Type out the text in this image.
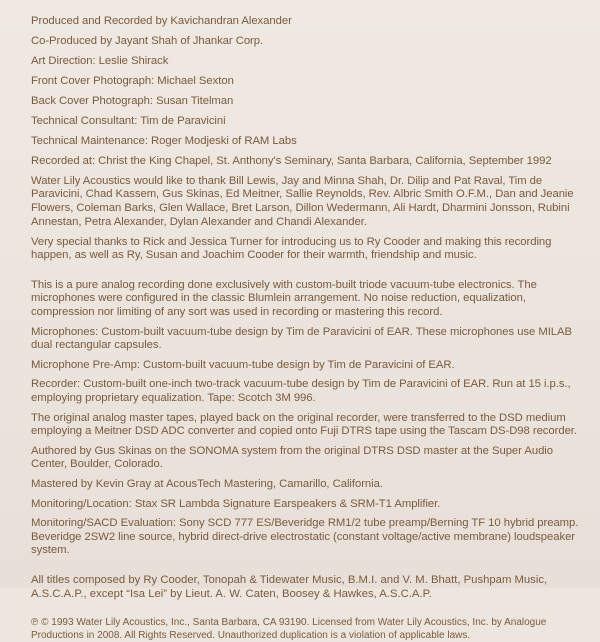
Produced and Recorded by Kavichandran Alexander

Co-Produced by Jayant Shah of Jhankar Corp.

Art Direction: Leslie Shirack

Front Cover Photograph: Michael Sexton

Back Cover Photograph: Susan Titelman

Technical Consultant: Tim de Paravicini

Technical Maintenance: Roger Modjeski of RAM Labs

Recorded at: Christ the King Chapel, St. Anthony's Seminary, Santa Barbara, California, September 1992

Water Lily Acoustics would like to thank Bill Lewis, Jay and Minna Shah, Dr. Dilip and Pat Raval, Tim de Paravicini, Chad Kassem, Gus Skinas, Ed Meitner, Sallie Reynolds, Rev. Albric Smith O.F.M., Dan and Jeanie Flowers, Coleman Barks, Glen Wallace, Bret Larson, Dillon Wedermann, Ali Hardt, Dharmini Jonsson, Rubini Annestan, Petra Alexander, Dylan Alexander and Chandi Alexander.

Very special thanks to Rick and Jessica Turner for introducing us to Ry Cooder and making this recording happen, as well as Ry, Susan and Joachim Cooder for their warmth, friendship and music.

This is a pure analog recording done exclusively with custom-built triode vacuum-tube electronics. The microphones were configured in the classic Blumlein arrangement. No noise reduction, equalization, compression nor limiting of any sort was used in recording or mastering this record.

Microphones: Custom-built vacuum-tube design by Tim de Paravicini of EAR. These microphones use MILAB dual rectangular capsules.

Microphone Pre-Amp: Custom-built vacuum-tube design by Tim de Paravicini of EAR.

Recorder: Custom-built one-inch two-track vacuum-tube design by Tim de Paravicini of EAR. Run at 15 i.p.s., employing proprietary equalization. Tape: Scotch 3M 996.

The original analog master tapes, played back on the original recorder, were transferred to the DSD medium employing a Meitner DSD ADC converter and copied onto Fuji DTRS tape using the Tascam DS-D98 recorder.

Authored by Gus Skinas on the SONOMA system from the original DTRS DSD master at the Super Audio Center, Boulder, Colorado.

Mastered by Kevin Gray at AcousTech Mastering, Camarillo, California.

Monitoring/Location: Stax SR Lambda Signature Earspeakers & SRM-T1 Amplifier.

Monitoring/SACD Evaluation: Sony SCD 777 ES/Beveridge RM1/2 tube preamp/Berning TF 10 hybrid preamp. Beveridge 2SW2 line source, hybrid direct-drive electrostatic (constant voltage/active membrane) loudspeaker system.

All titles composed by Ry Cooder, Tonopah & Tidewater Music, B.M.I. and V. M. Bhatt, Pushpam Music, A.S.C.A.P., except “Isa Lei” by Lieut. A. W. Caten, Boosey & Hawkes, A.S.C.A.P.

℗ © 1993 Water Lily Acoustics, Inc., Santa Barbara, CA 93190. Licensed from Water Lily Acoustics, Inc. by Analogue Productions in 2008. All Rights Reserved. Unauthorized duplication is a violation of applicable laws.
